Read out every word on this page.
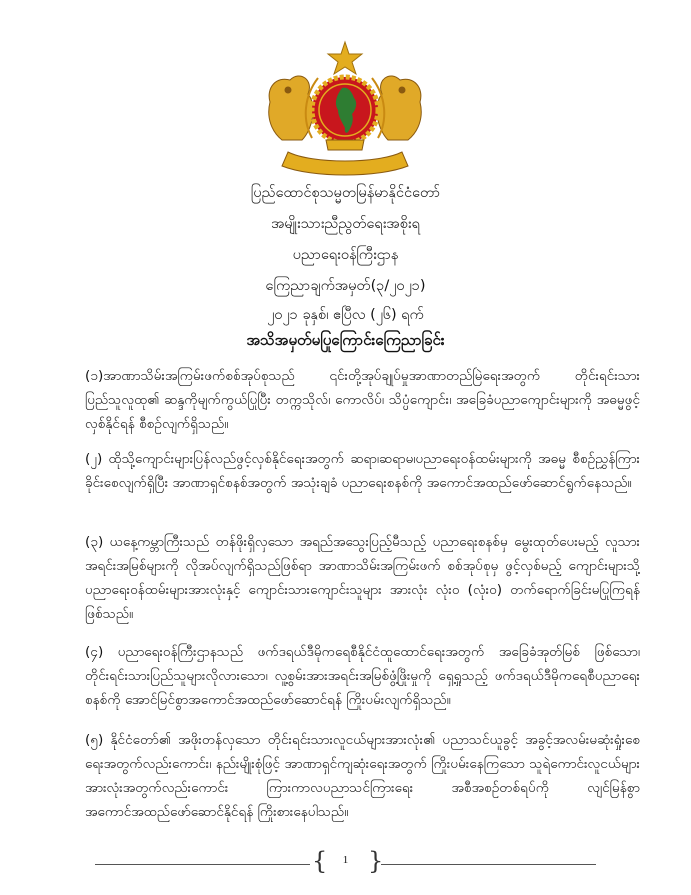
ပြည်ထောင်စုသမ္မတမြန်မာနိုင်ငံတော်
အမျိုးသားညီညွတ်ရေးအစိုးရ
ပညာရေးဝန်ကြီးဌာန
ကြေညာချက်အမှတ်(၃/၂၀၂၁)
၂၀၂၁ ခုနှစ်၊ ဧပြီလ (၂၆) ရက်
အသိအမှတ်မပြုကြောင်းကြေညာခြင်း
(၁)အာဏာသိမ်းအကြမ်းဖက်စစ်အုပ်စုသည် ၎င်းတို့အုပ်ချုပ်မှုအာဏာတည်မြဲရေးအတွက် တိုင်းရင်းသားပြည်သူလူထု၏ ဆန္ဒကိုမျက်ကွယ်ပြုပြီး တက္ကသိုလ်၊ ကောလိပ်၊ သိပ္ပံကျောင်း၊ အခြေခံပညာကျောင်းများကို အဓမ္မဖွင့်လှစ်နိုင်ရန် စီစဉ်လျက်ရှိသည်။
(၂) ထိုသို့ကျောင်းများပြန်လည်ဖွင့်လှစ်နိုင်ရေးအတွက် ဆရာ၊ဆရာမ၊ပညာရေးဝန်ထမ်းများကို အဓမ္မ စီစဉ်ညွှန်ကြားခိုင်းစေလျက်ရှိပြီး အာဏာရှင်စနစ်အတွက် အသုံးချခံ ပညာရေးစနစ်ကို အကောင်အထည်ဖော်ဆောင်ရွက်နေသည်။
(၃) ယနေ့ကမ္ဘာကြီးသည် တန်ဖိုးရှိလှသော အရည်အသွေးပြည့်မီသည့် ပညာရေးစနစ်မှ မွေးထုတ်ပေးမည့် လူသားအရင်းအမြစ်များကို လိုအပ်လျက်ရှိသည်ဖြစ်ရာ အာဏာသိမ်းအကြမ်းဖက် စစ်အုပ်စုမှ ဖွင့်လှစ်မည့် ကျောင်းများသို့ ပညာရေးဝန်ထမ်းများအားလုံးနှင့် ကျောင်းသားကျောင်းသူများ အားလုံး လုံးဝ (လုံးဝ) တက်ရောက်ခြင်းမပြုကြရန် ဖြစ်သည်။
(၄) ပညာရေးဝန်ကြီးဌာနသည် ဖက်ဒရယ်ဒီမိုကရေစီနိုင်ငံထူထောင်ရေးအတွက် အခြေခံအုတ်မြစ် ဖြစ်သော၊ တိုင်းရင်းသားပြည်သူများလိုလားသော၊ လူ့စွမ်းအားအရင်းအမြစ်ဖွံ့ဖြိုးမှုကို ရှေ့ရှုသည့် ဖက်ဒရယ်ဒီမိုကရေစီပညာရေးစနစ်ကို အောင်မြင်စွာအကောင်အထည်ဖော်ဆောင်ရန် ကြိုးပမ်းလျက်ရှိသည်။
(၅) နိုင်ငံတော်၏ အဖိုးတန်လှသော တိုင်းရင်းသားလူငယ်များအားလုံး၏ ပညာသင်ယူခွင့် အခွင့်အလမ်းမဆုံးရှုံးစေရေးအတွက်လည်းကောင်း၊ နည်းမျိုးစုံဖြင့် အာဏာရှင်ကျဆုံးရေးအတွက် ကြိုးပမ်းနေကြသော သူရဲကောင်းလူငယ်များအားလုံးအတွက်လည်းကောင်း ကြားကာလပညာသင်ကြားရေး အစီအစဉ်တစ်ရပ်ကို လျင်မြန်စွာအကောင်အထည်ဖော်ဆောင်နိုင်ရန် ကြိုးစားနေပါသည်။
{ }
1
